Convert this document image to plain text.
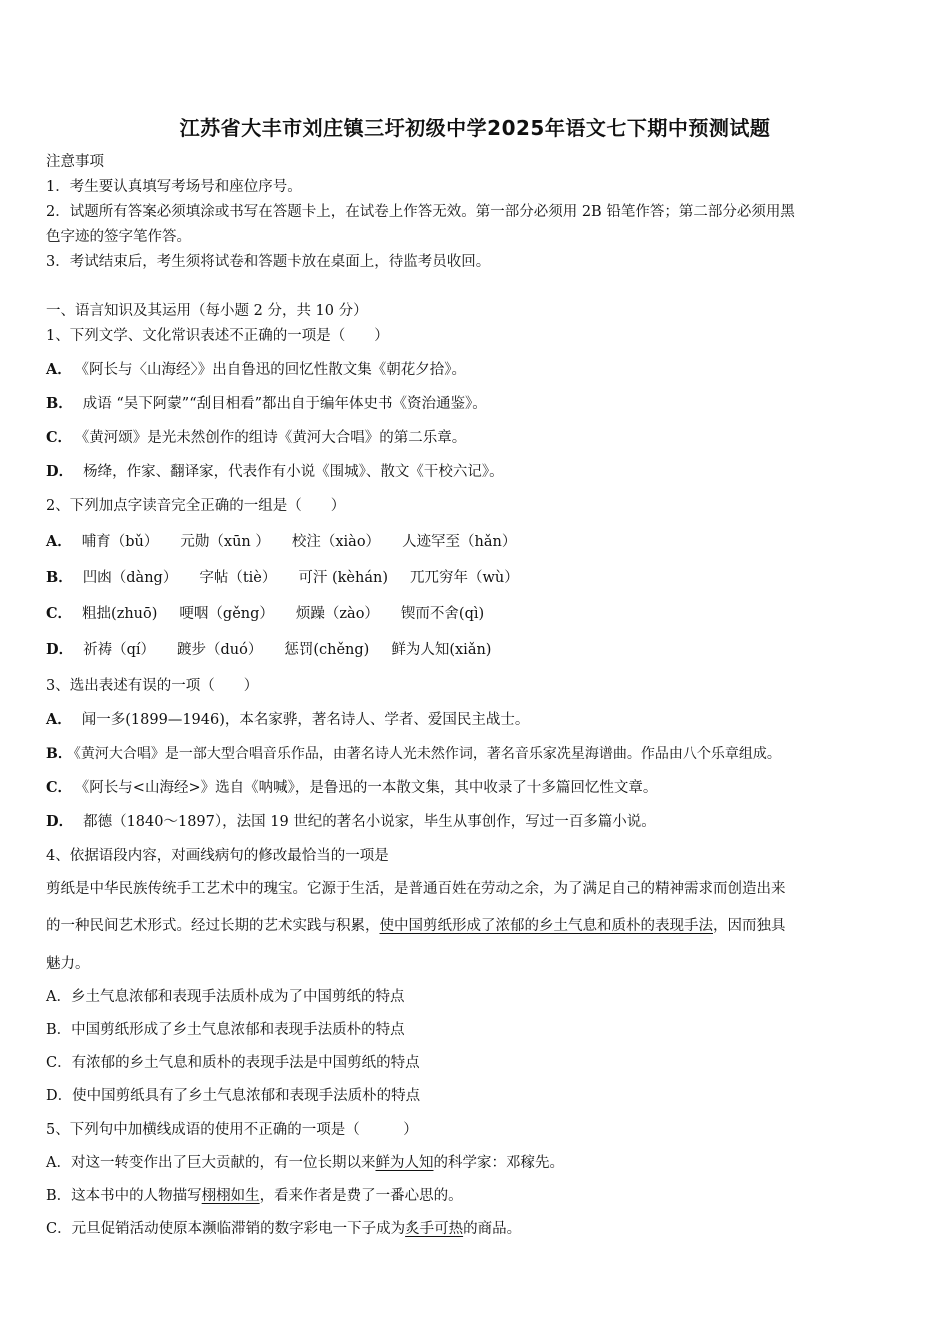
江苏省大丰市刘庄镇三圩初级中学2025年语文七下期中预测试题
注意事项
1．考生要认真填写考场号和座位序号。
2．试题所有答案必须填涂或书写在答题卡上，在试卷上作答无效。第一部分必须用 2B 铅笔作答；第二部分必须用黑
色字迹的签字笔作答。
3．考试结束后，考生须将试卷和答题卡放在桌面上，待监考员收回。
一、语言知识及其运用（每小题 2 分，共 10 分）
1、下列文学、文化常识表述不正确的一项是（　　）
A． 《阿长与〈山海经〉》出自鲁迅的回忆性散文集《朝花夕拾》。
B． 成语 “吴下阿蒙”“刮目相看”都出自于编年体史书《资治通鉴》。
C． 《黄河颂》是光未然创作的组诗《黄河大合唱》的第二乐章。
D． 杨绛，作家、翻译家，代表作有小说《围城》、散文《干校六记》。
2、下列加点字读音完全正确的一组是（　　）
A． 哺育（bǔ） 元勋（xūn ） 校注（xiào） 人迹罕至（hǎn）
B． 凹凼（dàng） 字帖（tiè） 可汗 (kèhán) 兀兀穷年（wù）
C． 粗拙(zhuō) 哽咽（gěng） 烦躁（zào） 锲而不舍(qì)
D． 祈祷（qí） 踱步（duó） 惩罚(chěng) 鲜为人知(xiǎn)
3、选出表述有误的一项（　　）
A． 闻一多(1899—1946)，本名家骅，著名诗人、学者、爱国民主战士。
B． 《黄河大合唱》是一部大型合唱音乐作品，由著名诗人光未然作词，著名音乐家冼星海谱曲。作品由八个乐章组成。
C． 《阿长与<山海经>》选自《呐喊》，是鲁迅的一本散文集，其中收录了十多篇回忆性文章。
D． 都德（1840～1897），法国 19 世纪的著名小说家，毕生从事创作，写过一百多篇小说。
4、依据语段内容，对画线病句的修改最恰当的一项是
剪纸是中华民族传统手工艺术中的瑰宝。它源于生活，是普通百姓在劳动之余，为了满足自己的精神需求而创造出来
的一种民间艺术形式。经过长期的艺术实践与积累，使中国剪纸形成了浓郁的乡土气息和质朴的表现手法，因而独具
魅力。
A．乡土气息浓郁和表现手法质朴成为了中国剪纸的特点
B．中国剪纸形成了乡土气息浓郁和表现手法质朴的特点
C．有浓郁的乡土气息和质朴的表现手法是中国剪纸的特点
D．使中国剪纸具有了乡土气息浓郁和表现手法质朴的特点
5、下列句中加横线成语的使用不正确的一项是（　　　）
A．对这一转变作出了巨大贡献的，有一位长期以来鲜为人知的科学家：邓稼先。
B．这本书中的人物描写栩栩如生，看来作者是费了一番心思的。
C．元旦促销活动使原本濒临滞销的数字彩电一下子成为炙手可热的商品。
